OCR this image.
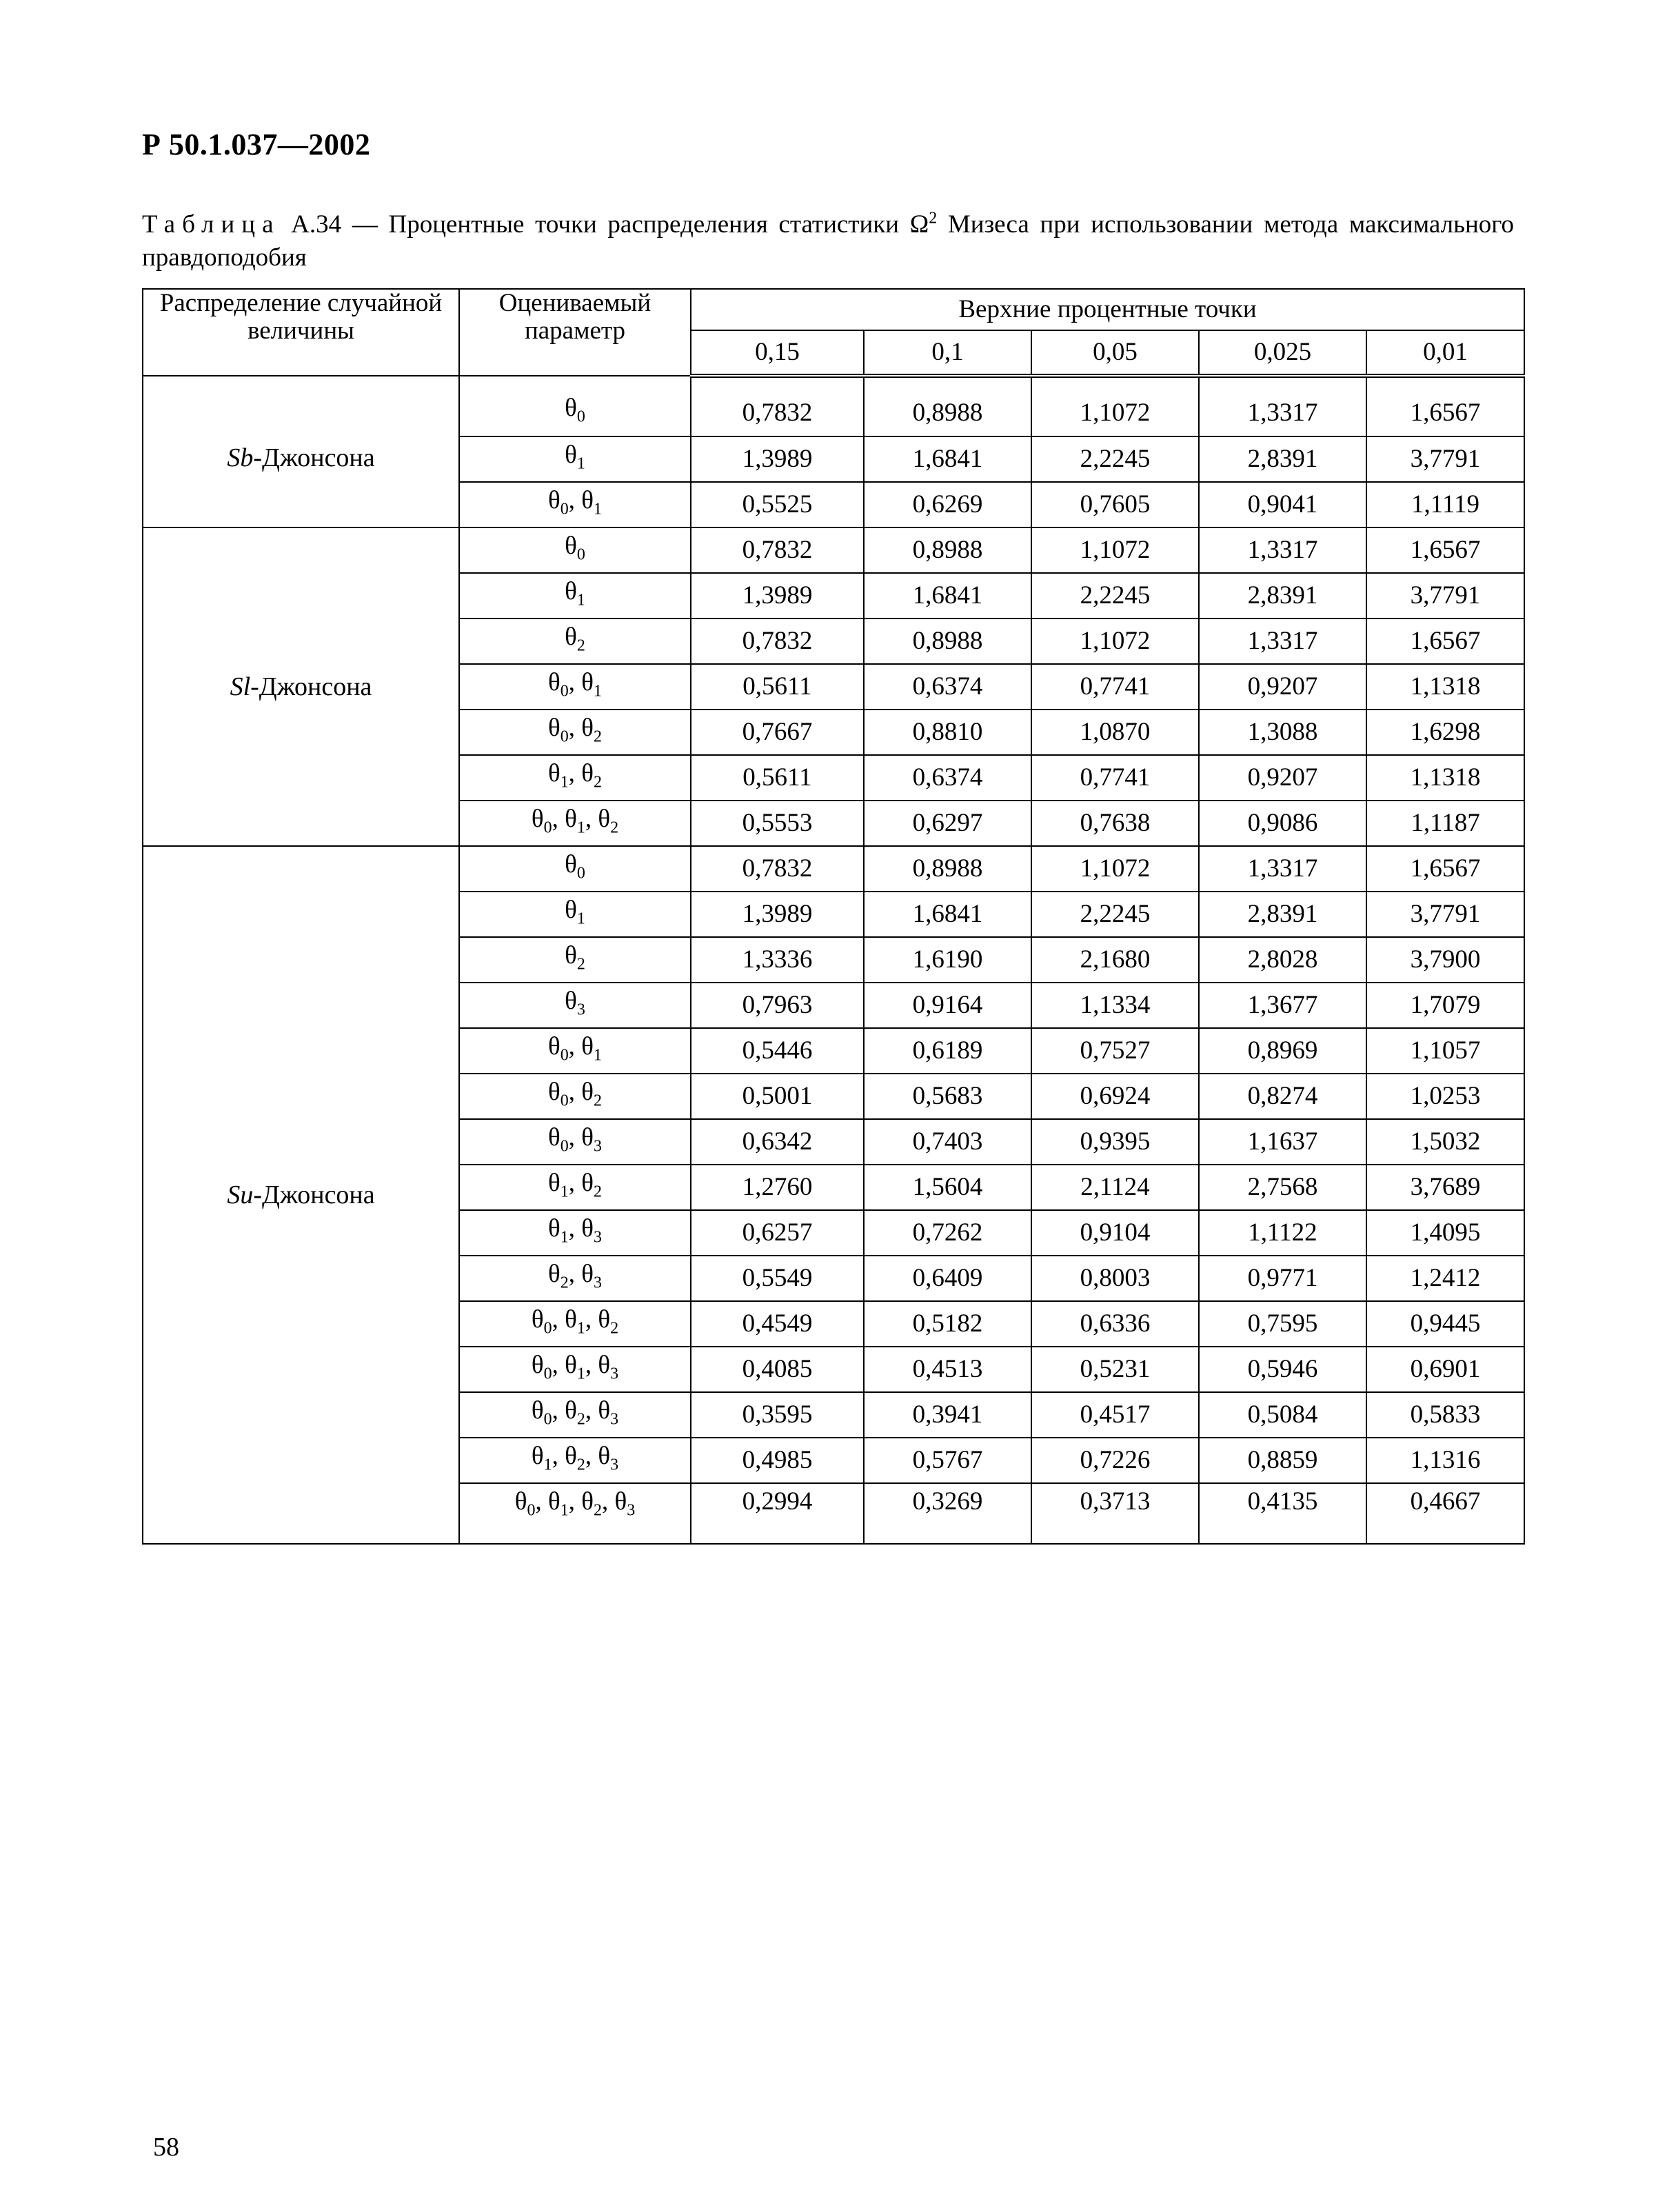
Р 50.1.037—2002
Таблица А.34 — Процентные точки распределения статистики $\Omega^2$ Мизеса при использовании метода максимального правдоподобия
Распределение случайной величины	Оцениваемый параметр	Верхние процентные точки				
		0,15	0,1	0,05	0,025	0,01
Sb-Джонсона	$\theta_0$	0,7832	0,8988	1,1072	1,3317	1,6567
	$\theta_1$	1,3989	1,6841	2,2245	2,8391	3,7791
	$\theta_0$, $\theta_1$	0,5525	0,6269	0,7605	0,9041	1,1119
Sl-Джонсона	$\theta_0$	0,7832	0,8988	1,1072	1,3317	1,6567
	$\theta_1$	1,3989	1,6841	2,2245	2,8391	3,7791
	$\theta_2$	0,7832	0,8988	1,1072	1,3317	1,6567
	$\theta_0$, $\theta_1$	0,5611	0,6374	0,7741	0,9207	1,1318
	$\theta_0$, $\theta_2$	0,7667	0,8810	1,0870	1,3088	1,6298
	$\theta_1$, $\theta_2$	0,5611	0,6374	0,7741	0,9207	1,1318
	$\theta_0$, $\theta_1$, $\theta_2$	0,5553	0,6297	0,7638	0,9086	1,1187
Su-Джонсона	$\theta_0$	0,7832	0,8988	1,1072	1,3317	1,6567
	$\theta_1$	1,3989	1,6841	2,2245	2,8391	3,7791
	$\theta_2$	1,3336	1,6190	2,1680	2,8028	3,7900
	$\theta_3$	0,7963	0,9164	1,1334	1,3677	1,7079
	$\theta_0$, $\theta_1$	0,5446	0,6189	0,7527	0,8969	1,1057
	$\theta_0$, $\theta_2$	0,5001	0,5683	0,6924	0,8274	1,0253
	$\theta_0$, $\theta_3$	0,6342	0,7403	0,9395	1,1637	1,5032
	$\theta_1$, $\theta_2$	1,2760	1,5604	2,1124	2,7568	3,7689
	$\theta_1$, $\theta_3$	0,6257	0,7262	0,9104	1,1122	1,4095
	$\theta_2$, $\theta_3$	0,5549	0,6409	0,8003	0,9771	1,2412
	$\theta_0$, $\theta_1$, $\theta_2$	0,4549	0,5182	0,6336	0,7595	0,9445
	$\theta_0$, $\theta_1$, $\theta_3$	0,4085	0,4513	0,5231	0,5946	0,6901
	$\theta_0$, $\theta_2$, $\theta_3$	0,3595	0,3941	0,4517	0,5084	0,5833
	$\theta_1$, $\theta_2$, $\theta_3$	0,4985	0,5767	0,7226	0,8859	1,1316
	$\theta_0$, $\theta_1$, $\theta_2$, $\theta_3$	0,2994	0,3269	0,3713	0,4135	0,4667
58
